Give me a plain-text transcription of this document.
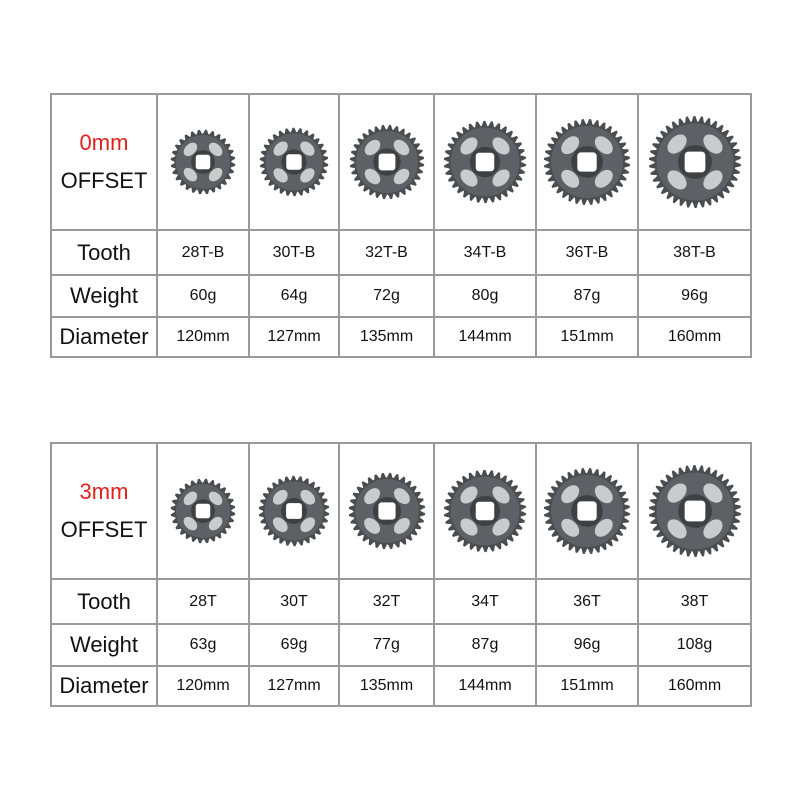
0mm
OFFSET

Tooth	28T-B	30T-B	32T-B	34T-B	36T-B	38T-B
Weight	60g	64g	72g	80g	87g	96g
Diameter	120mm	127mm	135mm	144mm	151mm	160mm
3mm
OFFSET

Tooth	28T	30T	32T	34T	36T	38T
Weight	63g	69g	77g	87g	96g	108g
Diameter	120mm	127mm	135mm	144mm	151mm	160mm
